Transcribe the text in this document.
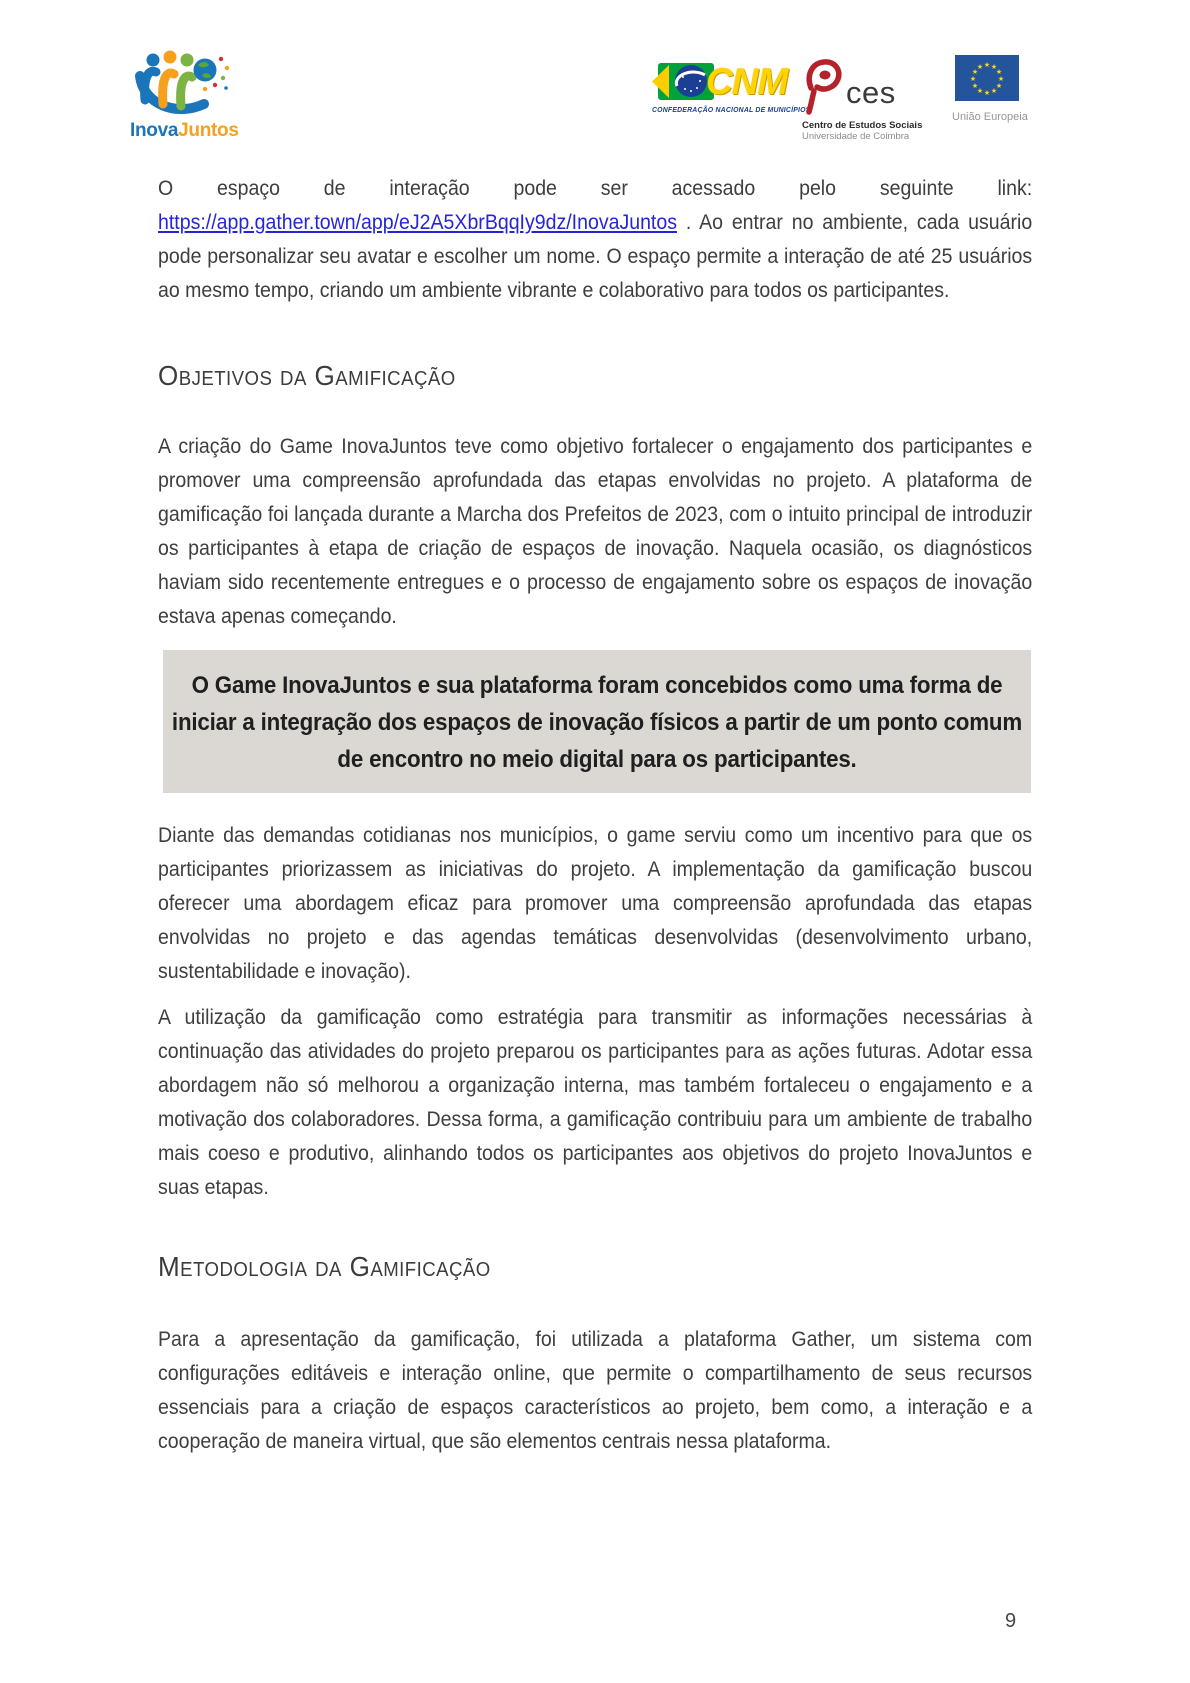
InovaJuntos
CNM
CONFEDERAÇÃO NACIONAL DE MUNICÍPIOS
ces
Centro de Estudos Sociais
Universidade de Coimbra
★ ★
★
★
★
★
★
★
★
★
★
★
União Europeia

O espaço de interação pode ser acessado pelo seguinte link: https://app.gather.town/app/eJ2A5XbrBqqIy9dz/InovaJuntos . Ao entrar no ambiente, cada usuário pode personalizar seu avatar e escolher um nome. O espaço permite a interação de até 25 usuários ao mesmo tempo, criando um ambiente vibrante e colaborativo para todos os participantes.

Objetivos da Gamificação

A criação do Game InovaJuntos teve como objetivo fortalecer o engajamento dos participantes e promover uma compreensão aprofundada das etapas envolvidas no projeto. A plataforma de gamificação foi lançada durante a Marcha dos Prefeitos de 2023, com o intuito principal de introduzir os participantes à etapa de criação de espaços de inovação. Naquela ocasião, os diagnósticos haviam sido recentemente entregues e o processo de engajamento sobre os espaços de inovação estava apenas começando.

O Game InovaJuntos e sua plataforma foram concebidos como uma forma de
iniciar a integração dos espaços de inovação físicos a partir de um ponto comum
de encontro no meio digital para os participantes.

Diante das demandas cotidianas nos municípios, o game serviu como um incentivo para que os participantes priorizassem as iniciativas do projeto. A implementação da gamificação buscou oferecer uma abordagem eficaz para promover uma compreensão aprofundada das etapas envolvidas no projeto e das agendas temáticas desenvolvidas (desenvolvimento urbano, sustentabilidade e inovação).

A utilização da gamificação como estratégia para transmitir as informações necessárias à continuação das atividades do projeto preparou os participantes para as ações futuras. Adotar essa abordagem não só melhorou a organização interna, mas também fortaleceu o engajamento e a motivação dos colaboradores. Dessa forma, a gamificação contribuiu para um ambiente de trabalho mais coeso e produtivo, alinhando todos os participantes aos objetivos do projeto InovaJuntos e suas etapas.

Metodologia da Gamificação

Para a apresentação da gamificação, foi utilizada a plataforma Gather, um sistema com configurações editáveis e interação online, que permite o compartilhamento de seus recursos essenciais para a criação de espaços característicos ao projeto, bem como, a interação e a cooperação de maneira virtual, que são elementos centrais nessa plataforma.

9
